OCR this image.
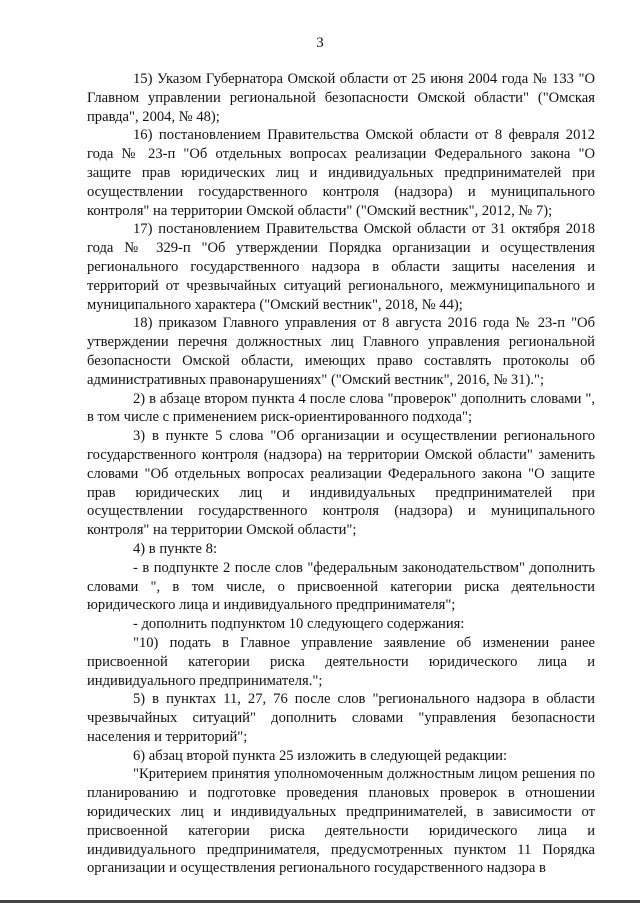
3

15) Указом Губернатора Омской области от 25 июня 2004 года № 133 "О Главном управлении региональной безопасности Омской области" ("Омская правда", 2004, № 48);

16) постановлением Правительства Омской области от 8 февраля 2012 года № 23-п "Об отдельных вопросах реализации Федерального закона "О защите прав юридических лиц и индивидуальных предпринимателей при осуществлении государственного контроля (надзора) и муниципального контроля" на территории Омской области" ("Омский вестник", 2012, № 7);

17) постановлением Правительства Омской области от 31 октября 2018 года № 329-п "Об утверждении Порядка организации и осуществления регионального государственного надзора в области защиты населения и территорий от чрезвычайных ситуаций регионального, межмуниципального и муниципального характера ("Омский вестник", 2018, № 44);

18) приказом Главного управления от 8 августа 2016 года № 23-п "Об утверждении перечня должностных лиц Главного управления региональной безопасности Омской области, имеющих право составлять протоколы об административных правонарушениях" ("Омский вестник", 2016, № 31).";

2) в абзаце втором пункта 4 после слова "проверок" дополнить словами ", в том числе с применением риск-ориентированного подхода";

3) в пункте 5 слова "Об организации и осуществлении регионального государственного контроля (надзора) на территории Омской области" заменить словами "Об отдельных вопросах реализации Федерального закона "О защите прав юридических лиц и индивидуальных предпринимателей при осуществлении государственного контроля (надзора) и муниципального контроля" на территории Омской области";

4) в пункте 8:

- в подпункте 2 после слов "федеральным законодательством" дополнить словами ", в том числе, о присвоенной категории риска деятельности юридического лица и индивидуального предпринимателя";

- дополнить подпунктом 10 следующего содержания:

"10) подать в Главное управление заявление об изменении ранее присвоенной категории риска деятельности юридического лица и индивидуального предпринимателя.";

5) в пунктах 11, 27, 76 после слов "регионального надзора в области чрезвычайных ситуаций" дополнить словами "управления безопасности населения и территорий";

6) абзац второй пункта 25 изложить в следующей редакции:

"Критерием принятия уполномоченным должностным лицом решения по планированию и подготовке проведения плановых проверок в отношении юридических лиц и индивидуальных предпринимателей, в зависимости от присвоенной категории риска деятельности юридического лица и индивидуального предпринимателя, предусмотренных пунктом 11 Порядка организации и осуществления регионального государственного надзора в
